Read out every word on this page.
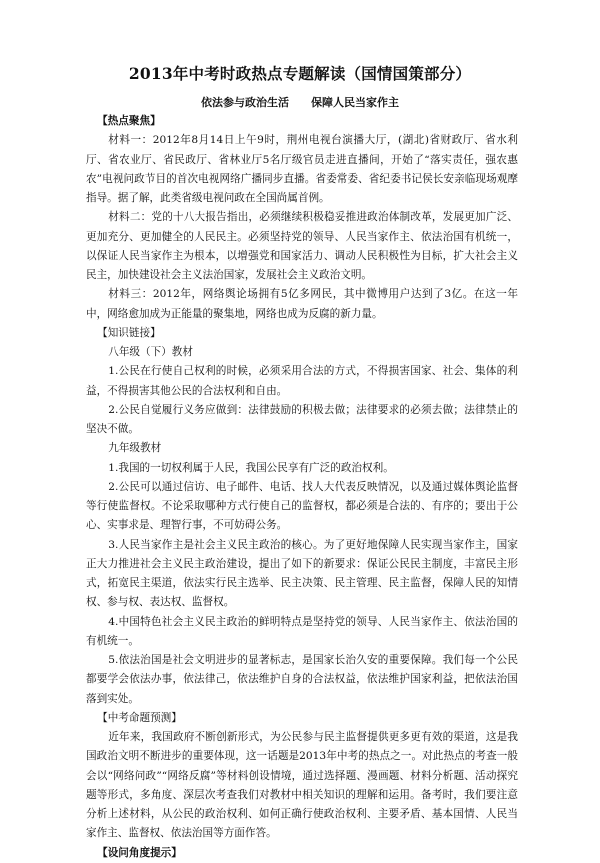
2013年中考时政热点专题解读（国情国策部分）
依法参与政治生活　　保障人民当家作主

【热点聚焦】

材料一：2012年8月14日上午9时，荆州电视台演播大厅，(湖北)省财政厅、省水利厅、省农业厅、省民政厅、省林业厅5名厅级官员走进直播间，开始了“落实责任，强农惠农”电视问政节目的首次电视网络广播同步直播。省委常委、省纪委书记侯长安亲临现场观摩指导。据了解，此类省级电视问政在全国尚属首例。

材料二：党的十八大报告指出，必须继续积极稳妥推进政治体制改革，发展更加广泛、更加充分、更加健全的人民民主。必须坚持党的领导、人民当家作主、依法治国有机统一，以保证人民当家作主为根本，以增强党和国家活力、调动人民积极性为目标，扩大社会主义民主，加快建设社会主义法治国家，发展社会主义政治文明。

材料三：2012年，网络舆论场拥有5亿多网民，其中微博用户达到了3亿。在这一年中，网络愈加成为正能量的聚集地，网络也成为反腐的新力量。

【知识链接】

八年级（下）教材

1.公民在行使自己权利的时候，必须采用合法的方式，不得损害国家、社会、集体的利益，不得损害其他公民的合法权利和自由。

2.公民自觉履行义务应做到：法律鼓励的积极去做；法律要求的必须去做；法律禁止的坚决不做。

九年级教材

1.我国的一切权利属于人民，我国公民享有广泛的政治权利。

2.公民可以通过信访、电子邮件、电话、找人大代表反映情况，以及通过媒体舆论监督等行使监督权。不论采取哪种方式行使自己的监督权，都必须是合法的、有序的；要出于公心、实事求是、理智行事，不可妨碍公务。

3.人民当家作主是社会主义民主政治的核心。为了更好地保障人民实现当家作主，国家正大力推进社会主义民主政治建设，提出了如下的新要求：保证公民民主制度，丰富民主形式，拓宽民主渠道，依法实行民主选举、民主决策、民主管理、民主监督，保障人民的知情权、参与权、表达权、监督权。

4.中国特色社会主义民主政治的鲜明特点是坚持党的领导、人民当家作主、依法治国的有机统一。

5.依法治国是社会文明进步的显著标志，是国家长治久安的重要保障。我们每一个公民都要学会依法办事，依法律己，依法维护自身的合法权益，依法维护国家利益，把依法治国落到实处。

【中考命题预测】

近年来，我国政府不断创新形式，为公民参与民主监督提供更多更有效的渠道，这是我国政治文明不断进步的重要体现，这一话题是2013年中考的热点之一。对此热点的考查一般会以“网络问政”“网络反腐”等材料创设情境，通过选择题、漫画题、材料分析题、活动探究题等形式，多角度、深层次考查我们对教材中相关知识的理解和运用。备考时，我们要注意分析上述材料，从公民的政治权利、如何正确行使政治权利、主要矛盾、基本国情、人民当家作主、监督权、依法治国等方面作答。

【设问角度提示】
